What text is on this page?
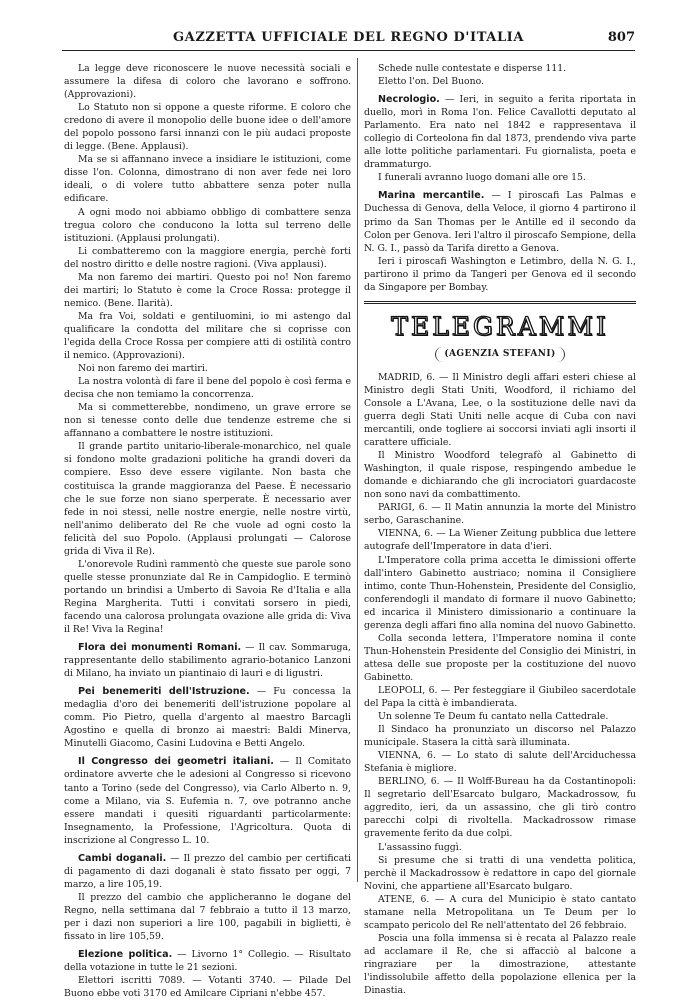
GAZZETTA UFFICIALE DEL REGNO D'ITALIA	807

La legge deve riconoscere le nuove necessità sociali e assumere la difesa di coloro che lavorano e soffrono. (Approvazioni).

Lo Statuto non si oppone a queste riforme. E coloro che credono di avere il monopolio delle buone idee o dell'amore del popolo possono farsi innanzi con le più audaci proposte di legge. (Bene. Applausi).

Ma se si affannano invece a insidiare le istituzioni, come disse l'on. Colonna, dimostrano di non aver fede nei loro ideali, o di volere tutto abbattere senza poter nulla edificare.

A ogni modo noi abbiamo obbligo di combattere senza tregua coloro che conducono la lotta sul terreno delle istituzioni. (Applausi prolungati).

Li combatteremo con la maggiore energia, perchè forti del nostro diritto e delle nostre ragioni. (Viva applausi).

Ma non faremo dei martiri. Questo poi no! Non faremo dei martiri; lo Statuto è come la Croce Rossa: protegge il nemico. (Bene. Ilarità).

Ma fra Voi, soldati e gentiluomini, io mi astengo dal qualificare la condotta del militare che si coprisse con l'egida della Croce Rossa per compiere atti di ostilità contro il nemico. (Approvazioni).

Noi non faremo dei martiri.

La nostra volontà di fare il bene del popolo è così ferma e decisa che non temiamo la concorrenza.

Ma si commetterebbe, nondimeno, un grave errore se non si tenesse conto delle due tendenze estreme che si affannano a combattere le nostre istituzioni.

Il grande partito unitario-liberale-monarchico, nel quale si fondono molte gradazioni politiche ha grandi doveri da compiere. Esso deve essere vigilante. Non basta che costituisca la grande maggioranza del Paese. È necessario che le sue forze non siano sperperate. È necessario aver fede in noi stessi, nelle nostre energie, nelle nostre virtù, nell'animo deliberato del Re che vuole ad ogni costo la felicità del suo Popolo. (Applausi prolungati — Calorose grida di Viva il Re).

L'onorevole Rudinì rammentò che queste sue parole sono quelle stesse pronunziate dal Re in Campidoglio. E terminò portando un brindisi a Umberto di Savoia Re d'Italia e alla Regina Margherita. Tutti i convitati sorsero in piedi, facendo una calorosa prolungata ovazione alle grida di: Viva il Re! Viva la Regina!

Flora dei monumenti Romani. — Il cav. Sommaruga, rappresentante dello stabilimento agrario-botanico Lanzoni di Milano, ha inviato un piantinaio di lauri e di ligustri.

Pei benemeriti dell'Istruzione. — Fu concessa la medaglia d'oro dei benemeriti dell'istruzione popolare al comm. Pio Pietro, quella d'argento al maestro Barcagli Agostino e quella di bronzo ai maestri: Baldi Minerva, Minutelli Giacomo, Casini Ludovina e Betti Angelo.

Il Congresso dei geometri italiani. — Il Comitato ordinatore avverte che le adesioni al Congresso si ricevono tanto a Torino (sede del Congresso), via Carlo Alberto n. 9, come a Milano, via S. Eufemia n. 7, ove potranno anche essere mandati i quesiti riguardanti particolarmente: Insegnamento, la Professione, l'Agricoltura. Quota di inscrizione al Congresso L. 10.

Cambi doganali. — Il prezzo del cambio per certificati di pagamento di dazi doganali è stato fissato per oggi, 7 marzo, a lire 105,19.

Il prezzo del cambio che applicheranno le dogane del Regno, nella settimana dal 7 febbraio a tutto il 13 marzo, per i dazi non superiori a lire 100, pagabili in biglietti, è fissato in lire 105,59.

Elezione politica. — Livorno 1° Collegio. — Risultato della votazione in tutte le 21 sezioni.

Elettori iscritti 7089. — Votanti 3740. — Pilade Del Buono ebbe voti 3170 ed Amilcare Cipriani n'ebbe 457.

Schede nulle contestate e disperse 111.

Eletto l'on. Del Buono.

Necrologio. — Ieri, in seguito a ferita riportata in duello, morì in Roma l'on. Felice Cavallotti deputato al Parlamento. Era nato nel 1842 e rappresentava il collegio di Corteolona fin dal 1873, prendendo viva parte alle lotte politiche parlamentari. Fu giornalista, poeta e drammaturgo.

I funerali avranno luogo domani alle ore 15.

Marina mercantile. — I piroscafi Las Palmas e Duchessa di Genova, della Veloce, il giorno 4 partirono il primo da San Thomas per le Antille ed il secondo da Colon per Genova. Ieri l'altro il piroscafo Sempione, della N. G. I., passò da Tarifa diretto a Genova.

Ieri i piroscafi Washington e Letimbro, della N. G. I., partirono il primo da Tangeri per Genova ed il secondo da Singapore per Bombay.

TELEGRAMMI
(AGENZIA STEFANI)

MADRID, 6. — Il Ministro degli affari esteri chiese al Ministro degli Stati Uniti, Woodford, il richiamo del Console a L'Avana, Lee, o la sostituzione delle navi da guerra degli Stati Uniti nelle acque di Cuba con navi mercantili, onde togliere ai soccorsi inviati agli insorti il carattere ufficiale.

Il Ministro Woodford telegrafò al Gabinetto di Washington, il quale rispose, respingendo ambedue le domande e dichiarando che gli incrociatori guardacoste non sono navi da combattimento.

PARIGI, 6. — Il Matin annunzia la morte del Ministro serbo, Garaschanine.

VIENNA, 6. — La Wiener Zeitung pubblica due lettere autografe dell'Imperatore in data d'ieri.

L'Imperatore colla prima accetta le dimissioni offerte dall'intero Gabinetto austriaco; nomina il Consigliere intimo, conte Thun-Hohenstein, Presidente del Consiglio, conferendogli il mandato di formare il nuovo Gabinetto; ed incarica il Ministero dimissionario a continuare la gerenza degli affari fino alla nomina del nuovo Gabinetto.

Colla seconda lettera, l'Imperatore nomina il conte Thun-Hohenstein Presidente del Consiglio dei Ministri, in attesa delle sue proposte per la costituzione del nuovo Gabinetto.

LEOPOLI, 6. — Per festeggiare il Giubileo sacerdotale del Papa la città è imbandierata.

Un solenne Te Deum fu cantato nella Cattedrale.

Il Sindaco ha pronunziato un discorso nel Palazzo municipale. Stasera la città sarà illuminata.

VIENNA, 6. — Lo stato di salute dell'Arciduchessa Stefania è migliore.

BERLINO, 6. — Il Wolff-Bureau ha da Costantinopoli: Il segretario dell'Esarcato bulgaro, Mackadrossow, fu aggredito, ieri, da un assassino, che gli tirò contro parecchi colpi di rivoltella. Mackadrossow rimase gravemente ferito da due colpi.

L'assassino fuggì.

Si presume che si tratti di una vendetta politica, perchè il Mackadrossow è redattore in capo del giornale Novini, che appartiene all'Esarcato bulgaro.

ATENE, 6. — A cura del Municipio è stato cantato stamane nella Metropolitana un Te Deum per lo scampato pericolo del Re nell'attentato del 26 febbraio.

Poscia una folla immensa si è recata al Palazzo reale ad acclamare il Re, che si affacciò al balcone a ringraziare per la dimostrazione, attestante l'indissolubile affetto della popolazione ellenica per la Dinastia.
